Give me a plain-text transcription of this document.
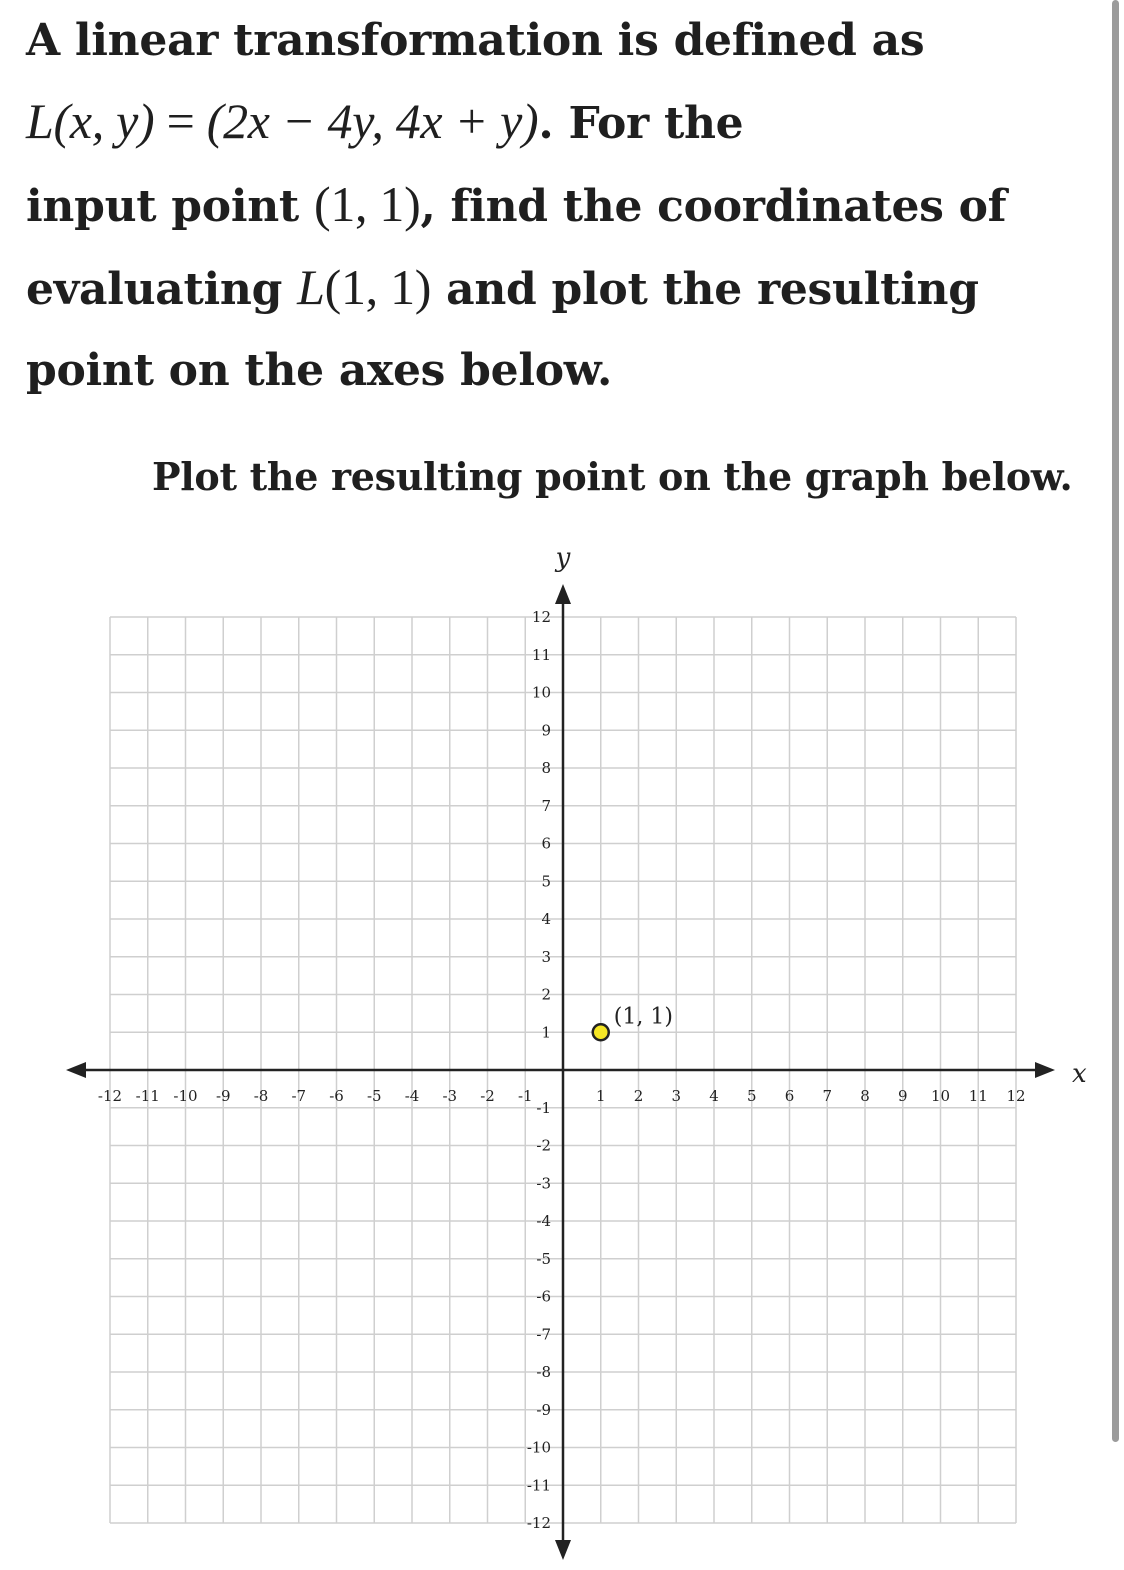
A linear transformation is defined as
L(x, y) = (2x − 4y, 4x + y). For the
input point (1, 1), find the coordinates of
evaluating L(1, 1) and plot the resulting
point on the axes below.
Plot the resulting point on the graph below.
x
y
-12 -11 -10 -9 -8 -7 -6 -5 -4 -3 -2 -1	1 2 3 4 5 6 7 8 9 10 11 12
12
11
10
9
8
7
6
5
4
3
2
1
-1
-2
-3
-4
-5
-6
-7
-8
-9
-10
-11
-12
(1, 1)
